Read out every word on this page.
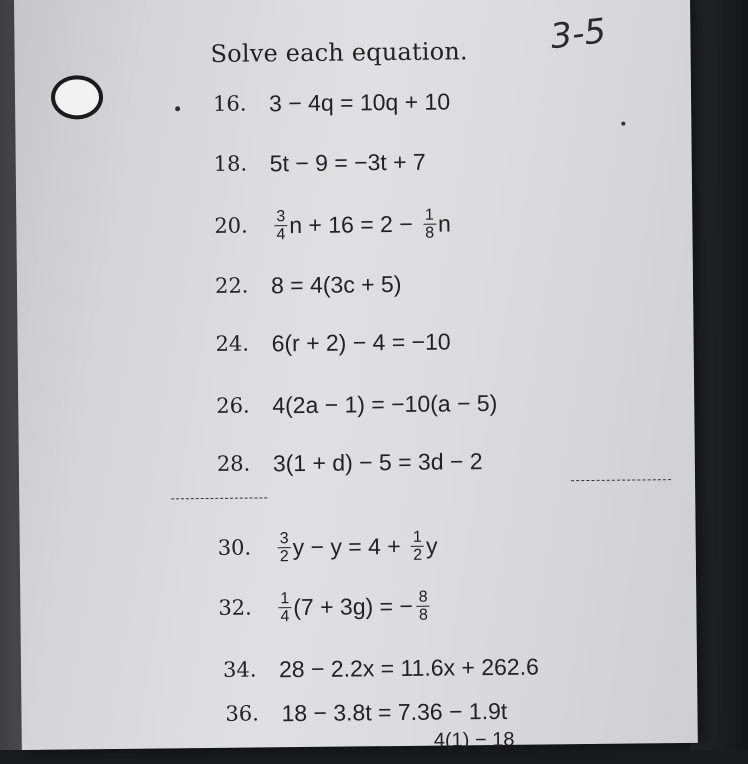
Solve each equation. 3-5
16. 3 − 4q = 10q + 10
18. 5t − 9 = −3t + 7
20.	$\frac{3}{4}$ $n + 16 = 2 - \frac{1}{8}$ n
22. 8 = 4(3c + 5)
24. 6(r + 2) − 4 = −10
26. 4(2a − 1) = −10(a − 5)
28. 3(1 + d) − 5 = 3d − 2
30.	$\frac{3}{2}$ $y - y = 4 + \frac{1}{2}$ y
32.	$\frac{1}{4} (7 + 3g)$ = − $\frac{8}{8}$
34. 28 − 2.2x = 11.6x + 262.6
36. 18 − 3.8t = 7.36 − 1.9t
4(1) − 18
